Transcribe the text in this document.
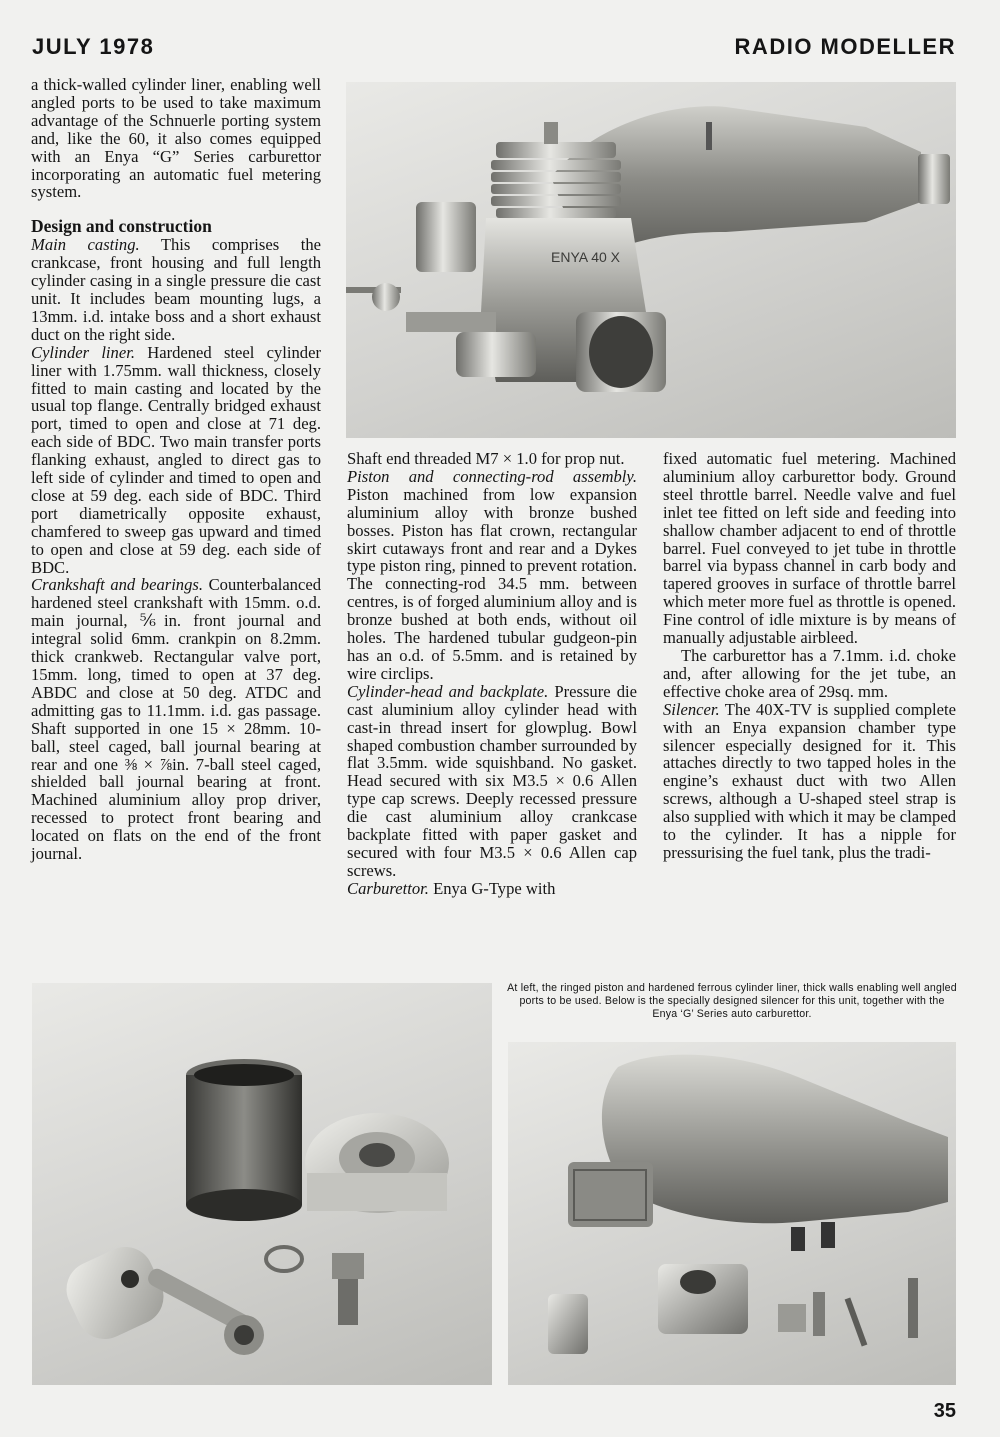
JULY 1978	RADIO MODELLER

a thick-walled cylinder liner, enabling well angled ports to be used to take maximum advantage of the Schnuerle porting system and, like the 60, it also comes equipped with an Enya “G” Series carburettor incorporating an automatic fuel metering system.

Design and construction

Main casting. This comprises the crankcase, front housing and full length cylinder casing in a single pressure die cast unit. It includes beam mounting lugs, a 13mm. i.d. intake boss and a short exhaust duct on the right side.

Cylinder liner. Hardened steel cylinder liner with 1.75mm. wall thickness, closely fitted to main casting and located by the usual top flange. Centrally bridged exhaust port, timed to open and close at 71 deg. each side of BDC. Two main transfer ports flanking exhaust, angled to direct gas to left side of cylinder and timed to open and close at 59 deg. each side of BDC. Third port diametrically opposite exhaust, chamfered to sweep gas upward and timed to open and close at 59 deg. each side of BDC.

Crankshaft and bearings. Counterbalanced hardened steel crankshaft with 15mm. o.d. main journal, ⅚in. front journal and integral solid 6mm. crankpin on 8.2mm. thick crankweb. Rectangular valve port, 15mm. long, timed to open at 37 deg. ABDC and close at 50 deg. ATDC and admitting gas to 11.1mm. i.d. gas passage. Shaft supported in one 15 × 28mm. 10-ball, steel caged, ball journal bearing at rear and one ⅜ × ⅞in. 7-ball steel caged, shielded ball journal bearing at front. Machined aluminium alloy prop driver, recessed to protect front bearing and located on flats on the end of the front journal.

ENYA 40 X

Shaft end threaded M7 × 1.0 for prop nut.

Piston and connecting-rod assembly. Piston machined from low expansion aluminium alloy with bronze bushed bosses. Piston has flat crown, rectangular skirt cutaways front and rear and a Dykes type piston ring, pinned to prevent rotation. The connecting-rod 34.5 mm. between centres, is of forged aluminium alloy and is bronze bushed at both ends, without oil holes. The hardened tubular gudgeon-pin has an o.d. of 5.5mm. and is retained by wire circlips.

Cylinder-head and backplate. Pressure die cast aluminium alloy cylinder head with cast-in thread insert for glowplug. Bowl shaped combustion chamber surrounded by flat 3.5mm. wide squishband. No gasket. Head secured with six M3.5 × 0.6 Allen type cap screws. Deeply recessed pressure die cast aluminium alloy crankcase backplate fitted with paper gasket and secured with four M3.5 × 0.6 Allen cap screws.

Carburettor. Enya G-Type with

fixed automatic fuel metering. Machined aluminium alloy carburettor body. Ground steel throttle barrel. Needle valve and fuel inlet tee fitted on left side and feeding into shallow chamber adjacent to end of throttle barrel. Fuel conveyed to jet tube in throttle barrel via bypass channel in carb body and tapered grooves in surface of throttle barrel which meter more fuel as throttle is opened. Fine control of idle mixture is by means of manually adjustable airbleed.

The carburettor has a 7.1mm. i.d. choke and, after allowing for the jet tube, an effective choke area of 29sq. mm.

Silencer. The 40X-TV is supplied complete with an Enya expansion chamber type silencer especially designed for it. This attaches directly to two tapped holes in the engine’s exhaust duct with two Allen screws, although a U-shaped steel strap is also supplied with which it may be clamped to the cylinder. It has a nipple for pressurising the fuel tank, plus the tradi-

At left, the ringed piston and hardened ferrous cylinder liner, thick walls enabling well angled ports to be used. Below is the specially designed silencer for this unit, together with the Enya ‘G’ Series auto carburettor.
35
